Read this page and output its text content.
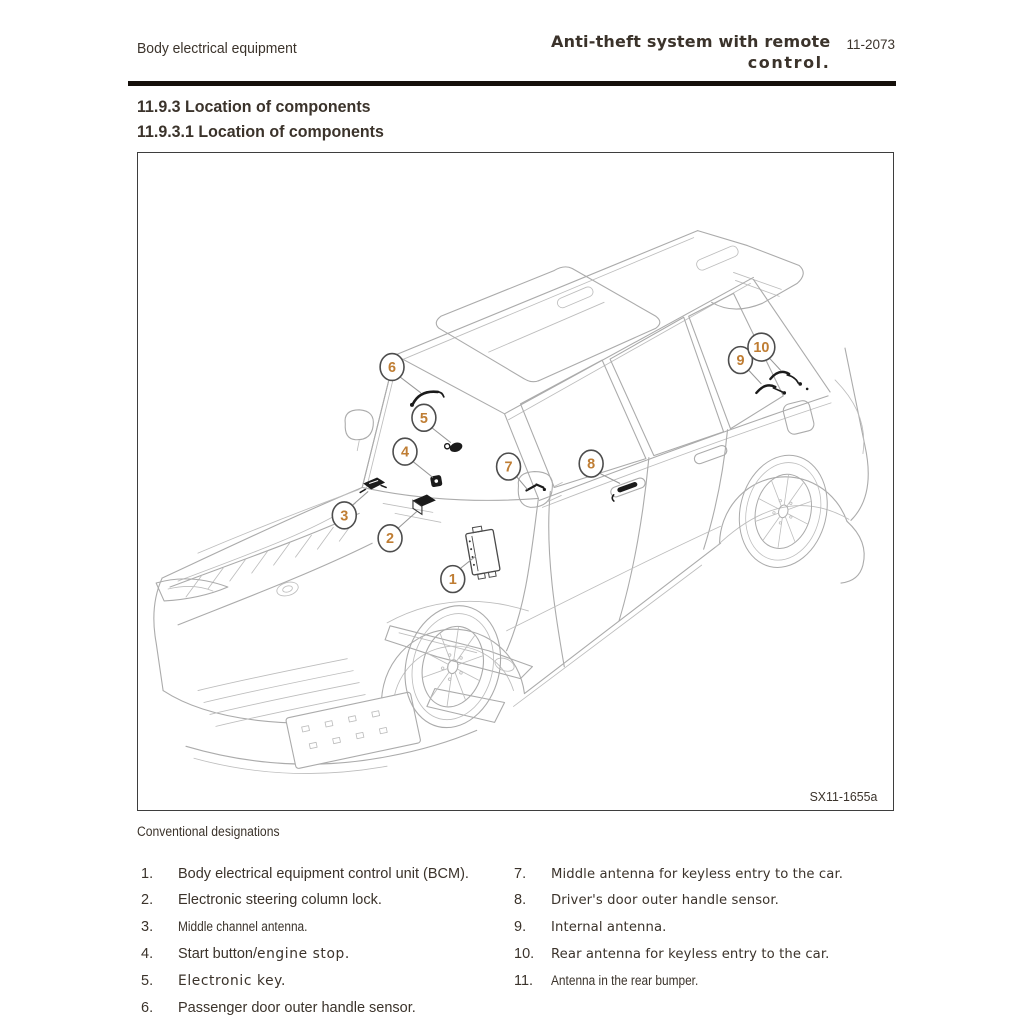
Body electrical equipment	Anti-theft system with remote
control.
11-2073
11.9.3 Location of components
11.9.3.1 Location of components
1
2
3
4
5
6
7	8
9
10
SX11-1655a
Conventional designations
1.	Body electrical equipment control unit (BCM).
2.	Electronic steering column lock.
3.	Middle channel antenna.
4.	Start button/engine stop.
5.	Electronic key.
6.	Passenger door outer handle sensor.
7.	Middle antenna for keyless entry to the car.
8.	Driver's door outer handle sensor.
9.	Internal antenna.
10.	Rear antenna for keyless entry to the car.
11.	Antenna in the rear bumper.
